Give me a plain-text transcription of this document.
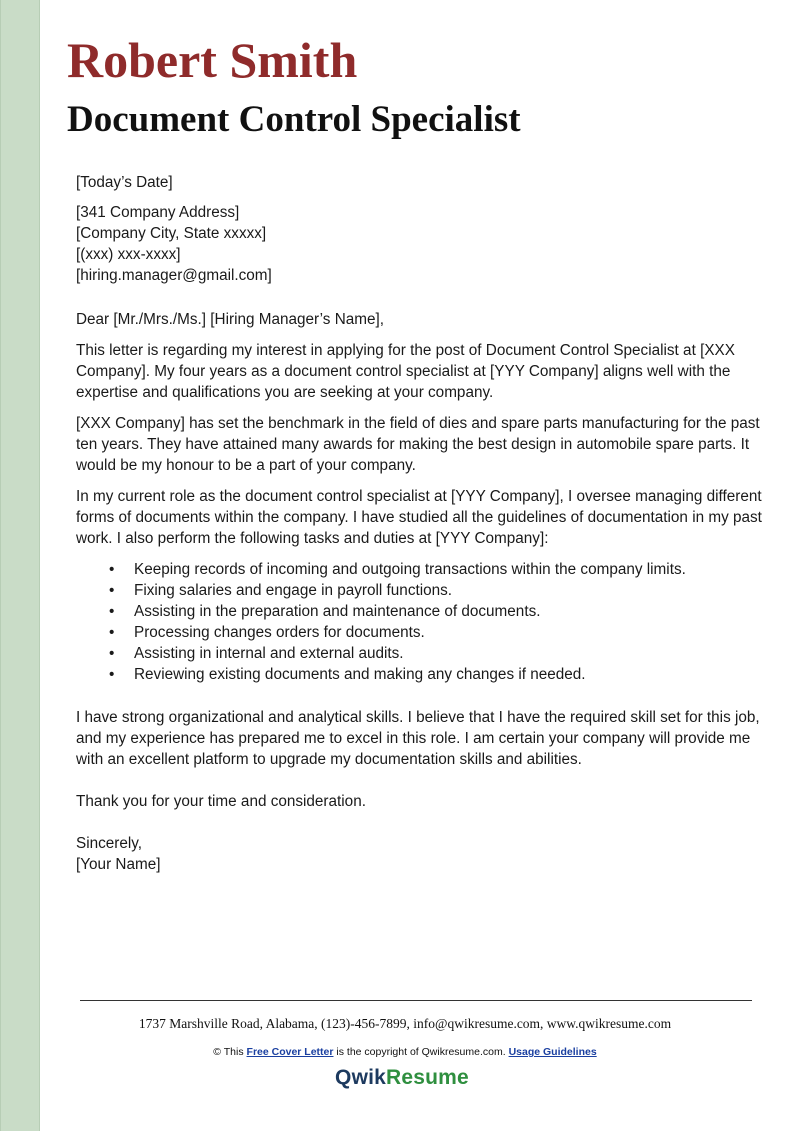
Robert Smith
Document Control Specialist

[Today’s Date]

[341 Company Address]

[Company City, State xxxxx]

[(xxx) xxx-xxxx]

[hiring.manager@gmail.com]

Dear [Mr./Mrs./Ms.] [Hiring Manager’s Name],

This letter is regarding my interest in applying for the post of Document Control Specialist at [XXX Company]. My four years as a document control specialist at [YYY Company] aligns well with the expertise and qualifications you are seeking at your company.

[XXX Company] has set the benchmark in the field of dies and spare parts manufacturing for the past ten years. They have attained many awards for making the best design in automobile spare parts. It would be my honour to be a part of your company.

In my current role as the document control specialist at [YYY Company], I oversee managing different forms of documents within the company. I have studied all the guidelines of documentation in my past work. I also perform the following tasks and duties at [YYY Company]:

• Keeping records of incoming and outgoing transactions within the company limits.
• Fixing salaries and engage in payroll functions.
• Assisting in the preparation and maintenance of documents.
• Processing changes orders for documents.
• Assisting in internal and external audits.
• Reviewing existing documents and making any changes if needed.

I have strong organizational and analytical skills. I believe that I have the required skill set for this job, and my experience has prepared me to excel in this role. I am certain your company will provide me with an excellent platform to upgrade my documentation skills and abilities.

Thank you for your time and consideration.

Sincerely,

[Your Name]

1737 Marshville Road, Alabama, (123)-456-7899, info@qwikresume.com, www.qwikresume.com
© This Free Cover Letter is the copyright of Qwikresume.com. Usage Guidelines
QwikResume
